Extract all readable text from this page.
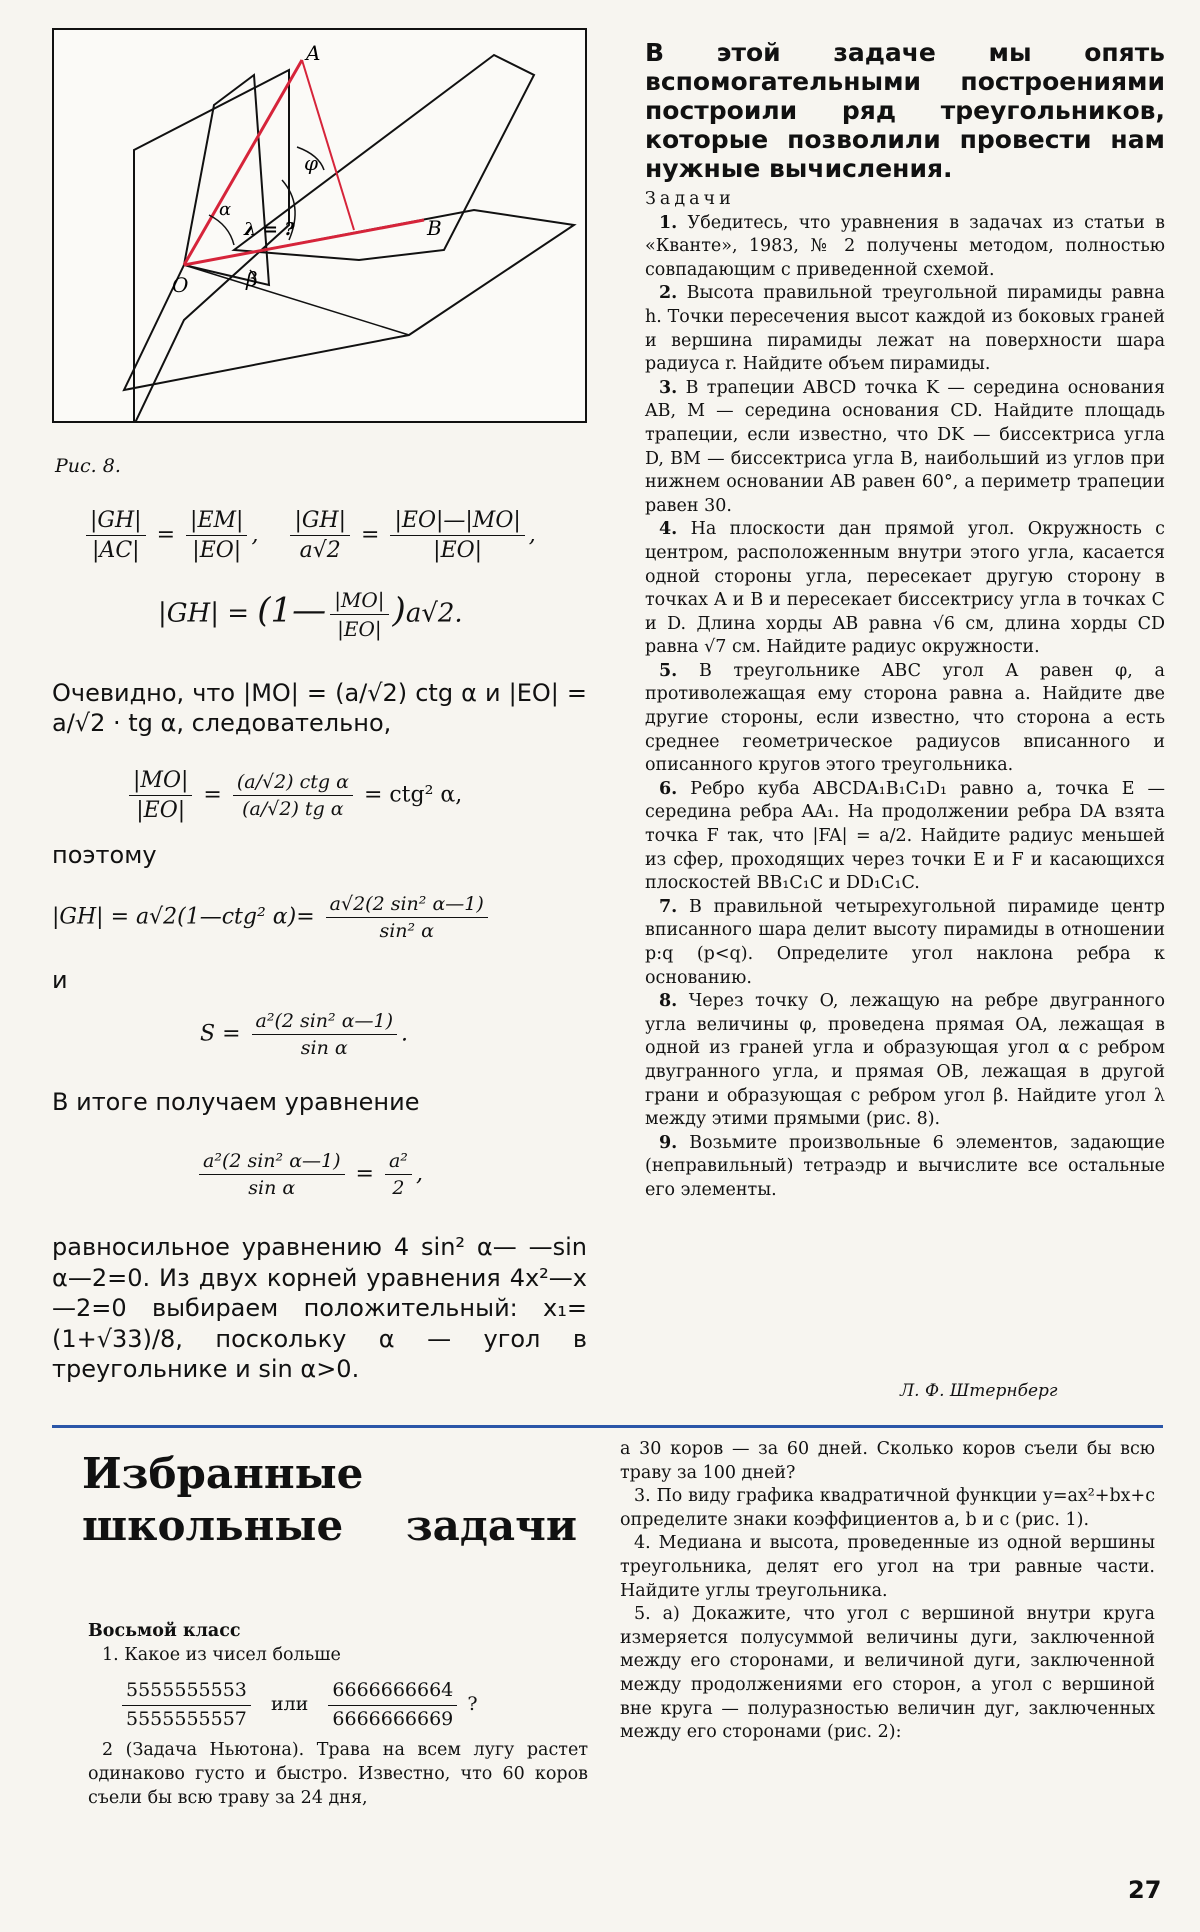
A
B
O
φ
α
λ = ?
β
Рис. 8.
$\frac{|GH|}{|AC|} = \frac{|EM|}{|EO|}$ , $\frac{|GH|}{a√2} = \frac{|EO|—|MO|}{|EO|}$ ,
|GH| = (1— $\frac{|MO|}{|EO|} )a√2$.
Очевидно, что |MO| = (a/√2) ctg α и |EO| = a/√2 · tg α, следовательно,
$\frac{|MO|}{|EO|} = \frac{\text{(a/√2) ctg α}}{\text{(a/√2) tg α}} = ctg^2$ α,
поэтому
|GH| = a√2(1—ctg² $\alpha)= \frac{\text{a√2(2 sin² α—1)}}{\text{sin² α}}$
и
$S = \frac{\text{a²(2 sin² α—1)}}{\text{sin α}}$ .
В итоге получаем уравнение
$\frac{\text{a²(2 sin² α—1)}}{\text{sin α}} = \frac{\text{a²}}{2}$ ,
равносильное уравнению 4 sin² α— —sin α—2=0. Из двух корней уравнения 4x²—x—2=0 выбираем положительный: x₁=(1+√33)/8, поскольку α — угол в треугольнике и sin α>0.
В этой задаче мы опять вспомогательными построениями построили ряд треугольников, которые позволили провести нам нужные вычисления.

Задачи

1. Убедитесь, что уравнения в задачах из статьи в «Кванте», 1983, № 2 получены методом, полностью совпадающим с приведенной схемой.

2. Высота правильной треугольной пирамиды равна h. Точки пересечения высот каждой из боковых граней и вершина пирамиды лежат на поверхности шара радиуса r. Найдите объем пирамиды.

3. В трапеции ABCD точка K — середина основания AB, M — середина основания CD. Найдите площадь трапеции, если известно, что DK — биссектриса угла D, BM — биссектриса угла B, наибольший из углов при нижнем основании AB равен 60°, а периметр трапеции равен 30.

4. На плоскости дан прямой угол. Окружность с центром, расположенным внутри этого угла, касается одной стороны угла, пересекает другую сторону в точках A и B и пересекает биссектрису угла в точках C и D. Длина хорды AB равна √6 см, длина хорды CD равна √7 см. Найдите радиус окружности.

5. В треугольнике ABC угол A равен φ, а противолежащая ему сторона равна a. Найдите две другие стороны, если известно, что сторона a есть среднее геометрическое радиусов вписанного и описанного кругов этого треугольника.

6. Ребро куба ABCDA₁B₁C₁D₁ равно a, точка E — середина ребра AA₁. На продолжении ребра DA взята точка F так, что |FA| = a/2. Найдите радиус меньшей из сфер, проходящих через точки E и F и касающихся плоскостей BB₁C₁C и DD₁C₁C.

7. В правильной четырехугольной пирамиде центр вписанного шара делит высоту пирамиды в отношении p:q (p<q). Определите угол наклона ребра к основанию.

8. Через точку O, лежащую на ребре двугранного угла величины φ, проведена прямая OA, лежащая в одной из граней угла и образующая угол α с ребром двугранного угла, и прямая OB, лежащая в другой грани и образующая с ребром угол β. Найдите угол λ между этими прямыми (рис. 8).

9. Возьмите произвольные 6 элементов, задающие (неправильный) тетраэдр и вычислите все остальные его элементы.

Л. Ф. Штернберг
Избранные
школьные задачи

Восьмой класс

1. Какое из чисел больше

$\frac{5555555553}{5555555557}$ или $\frac{6666666664}{6666666669}$ ?

2 (Задача Ньютона). Трава на всем лугу растет одинаково густо и быстро. Известно, что 60 коров съели бы всю траву за 24 дня,

а 30 коров — за 60 дней. Сколько коров съели бы всю траву за 100 дней?

3. По виду графика квадратичной функции y=ax²+bx+c определите знаки коэффициентов a, b и c (рис. 1).

4. Медиана и высота, проведенные из одной вершины треугольника, делят его угол на три равные части. Найдите углы треугольника.

5. а) Докажите, что угол с вершиной внутри круга измеряется полусуммой величины дуги, заключенной между его сторонами, и величиной дуги, заключенной между продолжениями его сторон, а угол с вершиной вне круга — полуразностью величин дуг, заключенных между его сторонами (рис. 2):

27
